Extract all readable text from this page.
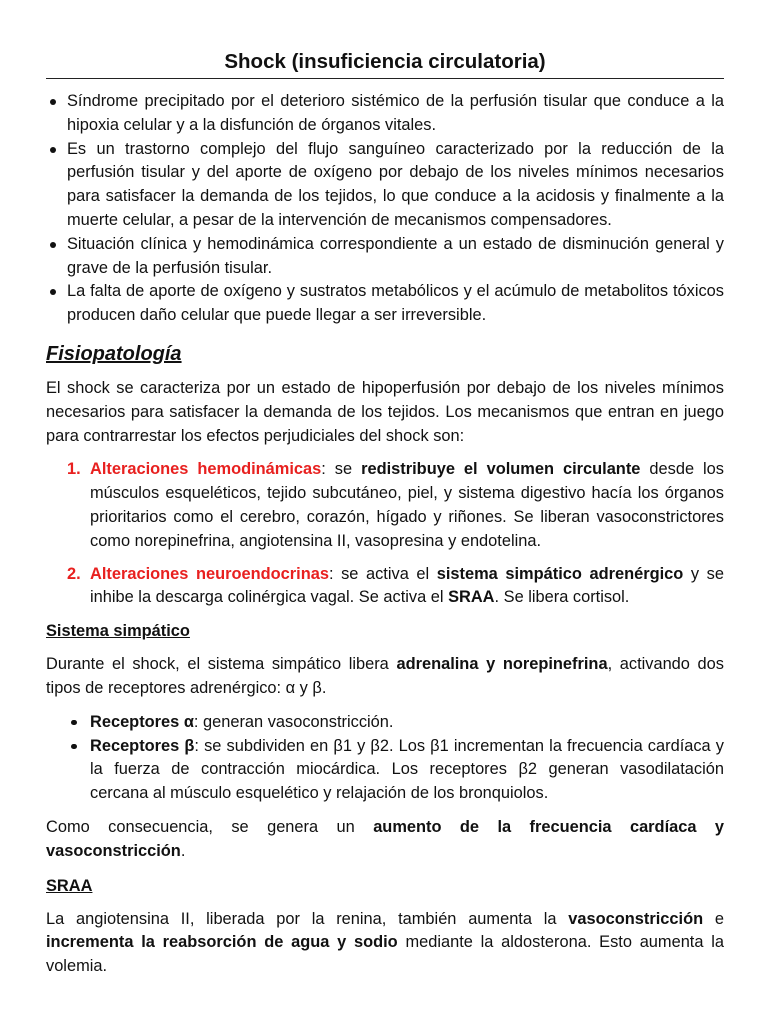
Shock (insuficiencia circulatoria)
Síndrome precipitado por el deterioro sistémico de la perfusión tisular que conduce a la hipoxia celular y a la disfunción de órganos vitales.
Es un trastorno complejo del flujo sanguíneo caracterizado por la reducción de la perfusión tisular y del aporte de oxígeno por debajo de los niveles mínimos necesarios para satisfacer la demanda de los tejidos, lo que conduce a la acidosis y finalmente a la muerte celular, a pesar de la intervención de mecanismos compensadores.
Situación clínica y hemodinámica correspondiente a un estado de disminución general y grave de la perfusión tisular.
La falta de aporte de oxígeno y sustratos metabólicos y el acúmulo de metabolitos tóxicos producen daño celular que puede llegar a ser irreversible.
Fisiopatología

El shock se caracteriza por un estado de hipoperfusión por debajo de los niveles mínimos necesarios para satisfacer la demanda de los tejidos. Los mecanismos que entran en juego para contrarrestar los efectos perjudiciales del shock son:

1. Alteraciones hemodinámicas: se redistribuye el volumen circulante desde los músculos esqueléticos, tejido subcutáneo, piel, y sistema digestivo hacía los órganos prioritarios como el cerebro, corazón, hígado y riñones. Se liberan vasoconstrictores como norepinefrina, angiotensina II, vasopresina y endotelina.
2. Alteraciones neuroendocrinas: se activa el sistema simpático adrenérgico y se inhibe la descarga colinérgica vagal. Se activa el SRAA. Se libera cortisol.
Sistema simpático

Durante el shock, el sistema simpático libera adrenalina y norepinefrina, activando dos tipos de receptores adrenérgico: α y β.

Receptores α: generan vasoconstricción.
Receptores β: se subdividen en β1 y β2. Los β1 incrementan la frecuencia cardíaca y la fuerza de contracción miocárdica. Los receptores β2 generan vasodilatación cercana al músculo esquelético y relajación de los bronquiolos.

Como consecuencia, se genera un aumento de la frecuencia cardíaca y vasoconstricción.

SRAA

La angiotensina II, liberada por la renina, también aumenta la vasoconstricción e incrementa la reabsorción de agua y sodio mediante la aldosterona. Esto aumenta la volemia.
